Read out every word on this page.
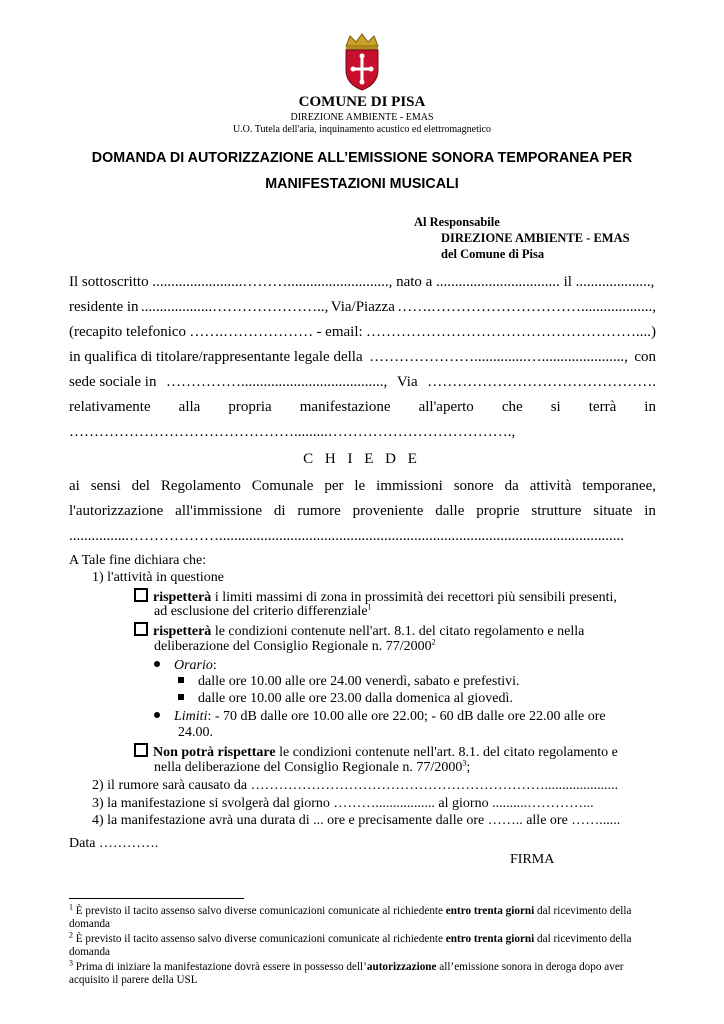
COMUNE DI PISA
DIREZIONE AMBIENTE - EMAS
U.O. Tutela dell'aria, inquinamento acustico ed elettromagnetico
DOMANDA DI AUTORIZZAZIONE ALL’EMISSIONE SONORA TEMPORANEA PER
MANIFESTAZIONI MUSICALI
Al Responsabile
DIREZIONE AMBIENTE - EMAS
del Comune di Pisa
Il sottoscritto ........................………..........................., nato a ................................. il ....................,
residente in ...................………………….., Via/Piazza …….…………………………...................,
(recapito telefonico …….……………… - email: ………………………………………………....)
in qualifica di titolare/rappresentante legale della …………………..............…......................, con
sede sociale in ……………......................................, Via ……………………………………….
relativamente alla propria manifestazione all'aperto che si terrà in
……………………………………….........……………………………….,
C H I E D E
ai sensi del Regolamento Comunale per le immissioni sonore da attività temporanee,
l'autorizzazione all'immissione di rumore proveniente dalle proprie strutture situate in
................………………............................................................................................................
A Tale fine dichiara che:
1) l'attività in questione
rispetterà i limiti massimi di zona in prossimità dei recettori più sensibili presenti,
ad esclusione del criterio differenziale$^1$
rispetterà le condizioni contenute nell'art. 8.1. del citato regolamento e nella
deliberazione del Consiglio Regionale n. 77/2000$^2$
Orario:
dalle ore 10.00 alle ore 24.00 venerdì, sabato e prefestivi.
dalle ore 10.00 alle ore 23.00 dalla domenica al giovedì.
Limiti: - 70 dB dalle ore 10.00 alle ore 22.00; - 60 dB dalle ore 22.00 alle ore
24.00.
Non potrà rispettare le condizioni contenute nell'art. 8.1. del citato regolamento e
nella deliberazione del Consiglio Regionale n. 77/2000$^3$;
2) il rumore sarà causato da ……………………………………………………….....................
3) la manifestazione si svolgerà dal giorno ………................. al giorno ..........…………...
4) la manifestazione avrà una durata di ... ore e precisamente dalle ore …….. alle ore ……......
Data ………….
FIRMA
$^1$ È previsto il tacito assenso salvo diverse comunicazioni comunicate al richiedente entro trenta giorni dal ricevimento della domanda
$^2$ È previsto il tacito assenso salvo diverse comunicazioni comunicate al richiedente entro trenta giorni dal ricevimento della domanda
$^3$ Prima di iniziare la manifestazione dovrà essere in possesso dell’autorizzazione all’emissione sonora in deroga dopo aver acquisito il parere della USL
